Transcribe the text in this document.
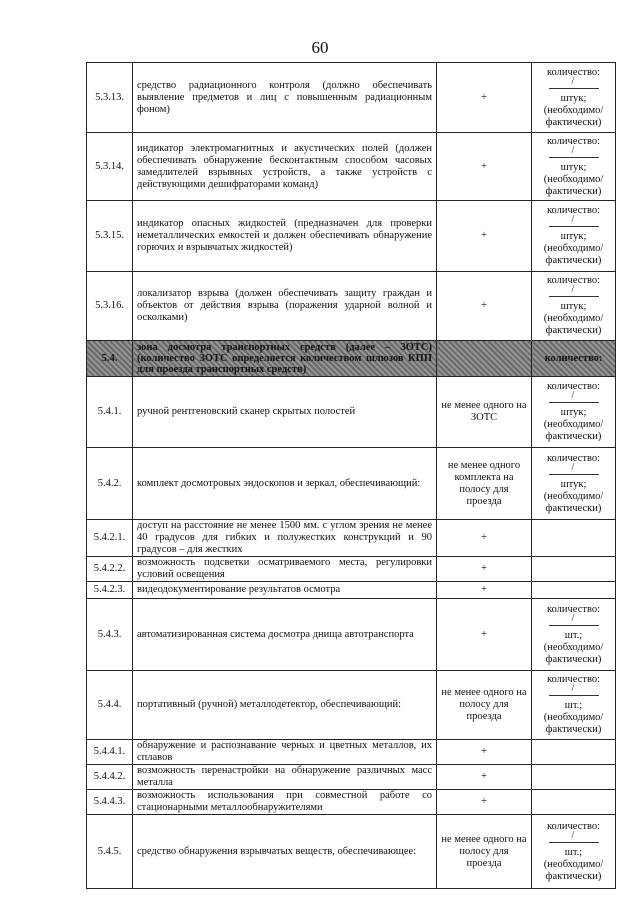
60
5.3.13.	средство радиационного контроля (должно обеспечивать выявление предметов и лиц с повышенным радиационным фоном)	+	количество:
/
штук;
(необходимо/
фактически)

5.3.14.	индикатор электромагнитных и акустических полей (должен обеспечивать обнаружение бесконтактным способом часовых замедлителей взрывных устройств, а также устройств с действующими дешифраторами команд)	+	количество:
/
штук;
(необходимо/
фактически)

5.3.15.	индикатор опасных жидкостей (предназначен для проверки неметаллических емкостей и должен обеспечивать обнаружение горючих и взрывчатых жидкостей)	+	количество:
/
штук;
(необходимо/
фактически)

5.3.16.	локализатор взрыва (должен обеспечивать защиту граждан и объектов от действия взрыва (поражения ударной волной и осколками)	+	количество:
/
штук;
(необходимо/
фактически)

5.4.	зона досмотра транспортных средств (далее – ЗОТС) (количество ЗОТС определяется количеством шлюзов КПП для проезда транспортных средств)		количество:
5.4.1.	ручной рентгеновский сканер скрытых полостей	не менее одного на ЗОТС	количество:
/
штук;
(необходимо/
фактически)

5.4.2.	комплект досмотровых эндоскопов и зеркал, обеспечивающий:	не менее одного комплекта на полосу для проезда	количество:
/
штук;
(необходимо/
фактически)

5.4.2.1.	доступ на расстояние не менее 1500 мм. с углом зрения не менее 40 градусов для гибких и полужестких конструкций и 90 градусов – для жестких	+	
5.4.2.2.	возможность подсветки осматриваемого места, регулировки условий освещения	+	
5.4.2.3.	видеодокументирование результатов осмотра	+	
5.4.3.	автоматизированная система досмотра днища автотранспорта	+	количество:
/
шт.;
(необходимо/
фактически)

5.4.4.	портативный (ручной) металлодетектор, обеспечивающий:	не менее одного на полосу для проезда	количество:
/
шт.;
(необходимо/
фактически)

5.4.4.1.	обнаружение и распознавание черных и цветных металлов, их сплавов	+	
5.4.4.2.	возможность перенастройки на обнаружение различных масс металла	+	
5.4.4.3.	возможность использования при совместной работе со стационарными металлообнаружителями	+	
5.4.5.	средство обнаружения взрывчатых веществ, обеспечивающее:	не менее одного на полосу для проезда	количество:
/
шт.;
(необходимо/
фактически)
